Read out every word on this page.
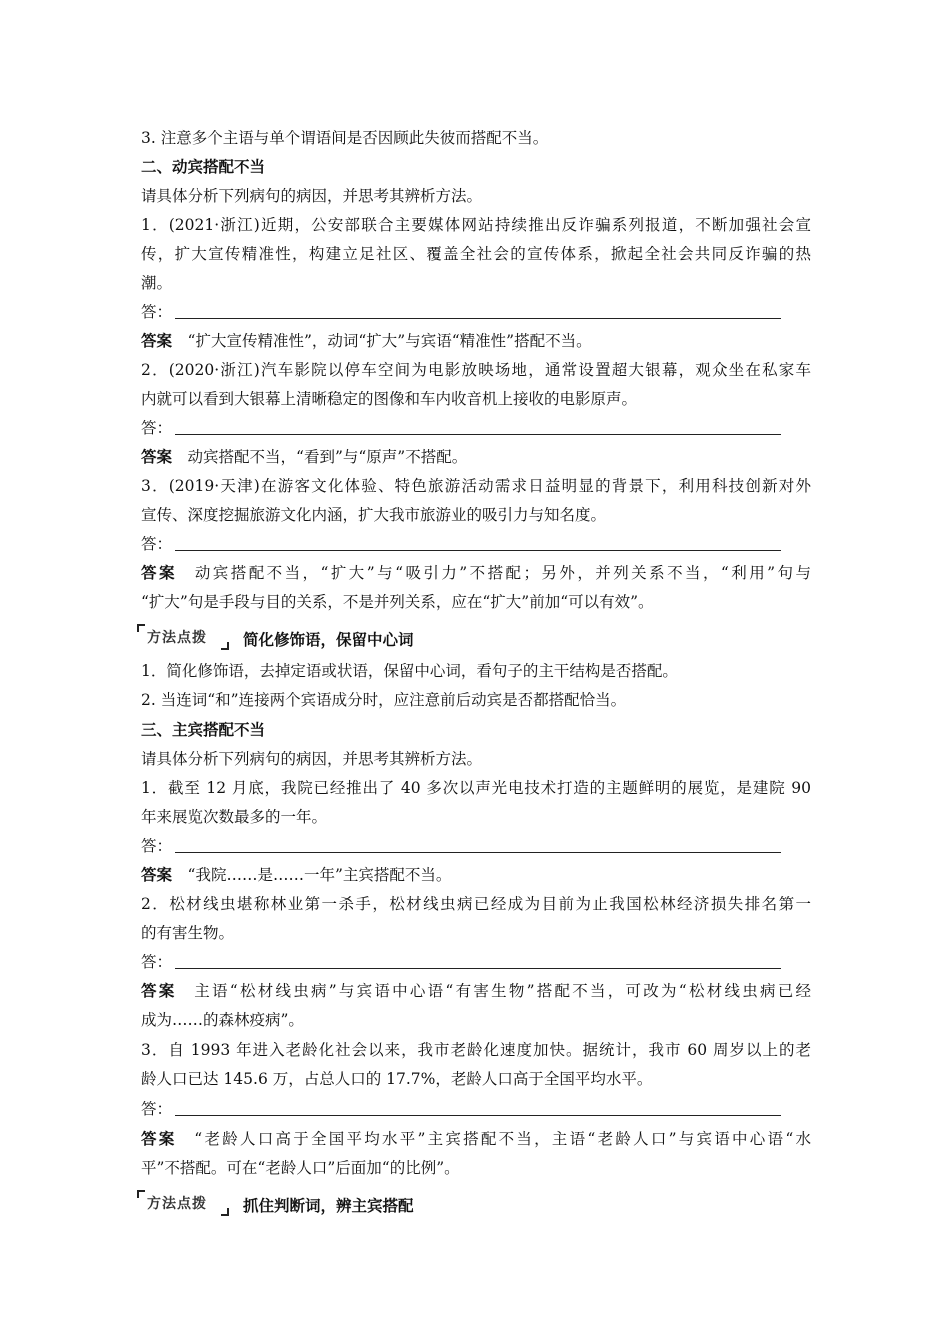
3. 注意多个主语与单个谓语间是否因顾此失彼而搭配不当。
二、动宾搭配不当
请具体分析下列病句的病因，并思考其辨析方法。
1．(2021·浙江)近期，公安部联合主要媒体网站持续推出反诈骗系列报道，不断加强社会宣
传，扩大宣传精准性，构建立足社区、覆盖全社会的宣传体系，掀起全社会共同反诈骗的热
潮。
答：
答案　 “扩大宣传精准性”，动词“扩大”与宾语“精准性”搭配不当。
2．(2020·浙江)汽车影院以停车空间为电影放映场地，通常设置超大银幕，观众坐在私家车
内就可以看到大银幕上清晰稳定的图像和车内收音机上接收的电影原声。
答：
答案　 动宾搭配不当，“看到”与“原声”不搭配。
3．(2019·天津)在游客文化体验、特色旅游活动需求日益明显的背景下，利用科技创新对外
宣传、深度挖掘旅游文化内涵，扩大我市旅游业的吸引力与知名度。
答：
答案　 动宾搭配不当，“扩大”与“吸引力”不搭配；另外，并列关系不当，“利用”句与
“扩大”句是手段与目的关系，不是并列关系，应在“扩大”前加“可以有效”。
方法点拨 简化修饰语，保留中心词
1．简化修饰语，去掉定语或状语，保留中心词，看句子的主干结构是否搭配。
2. 当连词“和”连接两个宾语成分时，应注意前后动宾是否都搭配恰当。
三、主宾搭配不当
请具体分析下列病句的病因，并思考其辨析方法。
1．截至 12 月底，我院已经推出了 40 多次以声光电技术打造的主题鲜明的展览，是建院 90
年来展览次数最多的一年。
答：
答案　 “我院……是……一年”主宾搭配不当。
2．松材线虫堪称林业第一杀手，松材线虫病已经成为目前为止我国松林经济损失排名第一
的有害生物。
答：
答案　 主语“松材线虫病”与宾语中心语“有害生物”搭配不当，可改为“松材线虫病已经
成为……的森林疫病”。
3．自 1993 年进入老龄化社会以来，我市老龄化速度加快。据统计，我市 60 周岁以上的老
龄人口已达 145.6 万，占总人口的 17.7%，老龄人口高于全国平均水平。
答：
答案　 “老龄人口高于全国平均水平”主宾搭配不当，主语“老龄人口”与宾语中心语“水
平”不搭配。可在“老龄人口”后面加“的比例”。
方法点拨 抓住判断词，辨主宾搭配
